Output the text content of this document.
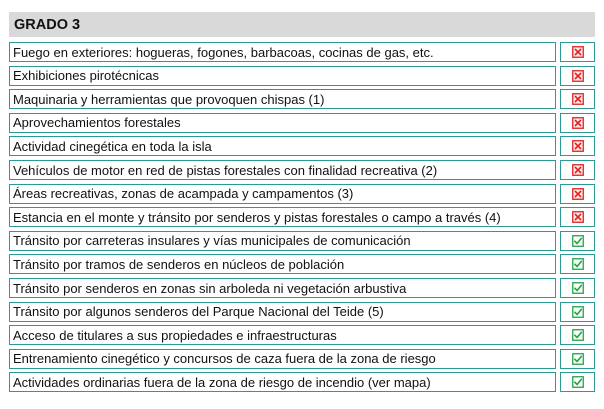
GRADO 3
Fuego en exteriores: hogueras, fogones, barbacoas, cocinas de gas, etc.
Exhibiciones pirotécnicas
Maquinaria y herramientas que provoquen chispas (1)
Aprovechamientos forestales
Actividad cinegética en toda la isla
Vehículos de motor en red de pistas forestales con finalidad recreativa (2)
Áreas recreativas, zonas de acampada y campamentos (3)
Estancia en el monte y tránsito por senderos y pistas forestales o campo a través (4)
Tránsito por carreteras insulares y vías municipales de comunicación
Tránsito por tramos de senderos en núcleos de población
Tránsito por senderos en zonas sin arboleda ni vegetación arbustiva
Tránsito por algunos senderos del Parque Nacional del Teide (5)
Acceso de titulares a sus propiedades e infraestructuras
Entrenamiento cinegético y concursos de caza fuera de la zona de riesgo
Actividades ordinarias fuera de la zona de riesgo de incendio (ver mapa)
